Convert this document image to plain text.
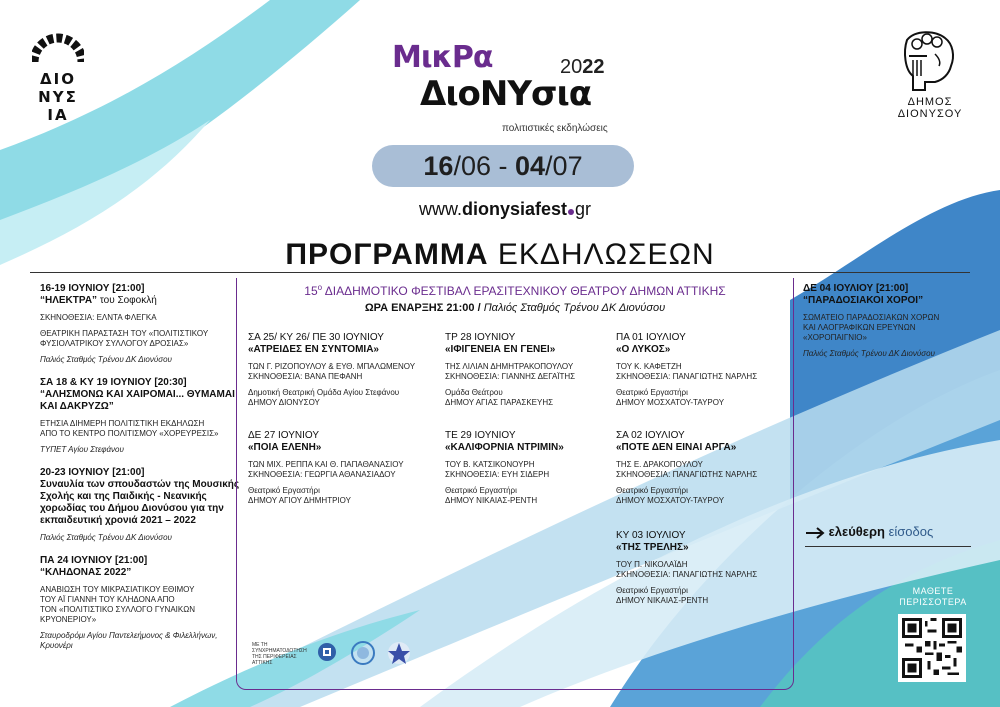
ΔΙΟ
ΝΥΣ
ΙΑ
ΔΗΜΟΣ
ΔΙΟΝΥΣΟΥ
ΜικΡα	2022
ΔιοΝΥσια
πολιτιστικές εκδηλώσεις
16/06 - 04/07
www.dionysiafest gr
ΠΡΟΓΡΑΜΜΑ ΕΚΔΗΛΩΣΕΩΝ
16-19 ΙΟΥΝΙΟΥ [21:00]
“ΗΛΕΚΤΡΑ” του Σοφοκλή
ΣΚΗΝΟΘΕΣΙΑ: ΕΛΝΤΑ ΦΛΕΓΚΑ
ΘΕΑΤΡΙΚΗ ΠΑΡΑΣΤΑΣΗ ΤΟΥ «ΠΟΛΙΤΙΣΤΙΚΟΥ
ΦΥΣΙΟΛΑΤΡΙΚΟΥ ΣΥΛΛΟΓΟΥ ΔΡΟΣΙΑΣ»
Παλιός Σταθμός Τρένου ΔΚ Διονύσου
ΣΑ 18 & ΚΥ 19 ΙΟΥΝΙΟΥ [20:30]
“ΑΛΗΣΜΟΝΩ ΚΑΙ ΧΑΙΡΟΜΑΙ... ΘΥΜΑΜΑΙ ΚΑΙ ΔΑΚΡΥΖΩ”
ΕΤΗΣΙΑ ΔΙΗΜΕΡΗ ΠΟΛΙΤΙΣΤΙΚΗ ΕΚΔΗΛΩΣΗ
ΑΠΟ ΤΟ ΚΕΝΤΡΟ ΠΟΛΙΤΙΣΜΟΥ «ΧΟΡΕΥΡΕΣΙΣ»
ΤΥΠΕΤ Αγίου Στεφάνου
20-23 ΙΟΥΝΙΟΥ [21:00]
Συναυλία των σπουδαστών της Μουσικής Σχολής και της Παιδικής - Νεανικής χορωδίας του Δήμου Διονύσου για την εκπαιδευτική χρονιά 2021 – 2022
Παλιός Σταθμός Τρένου ΔΚ Διονύσου
ΠΑ 24 ΙΟΥΝΙΟΥ [21:00]
“ΚΛΗΔΟΝΑΣ 2022”
ΑΝΑΒΙΩΣΗ ΤΟΥ ΜΙΚΡΑΣΙΑΤΙΚΟΥ ΕΘΙΜΟΥ
ΤΟΥ ΑΪ ΓΙΑΝΝΗ ΤΟΥ ΚΛΗΔΟΝΑ ΑΠΟ
ΤΟΝ «ΠΟΛΙΤΙΣΤΙΚΟ ΣΥΛΛΟΓΟ ΓΥΝΑΙΚΩΝ
ΚΡΥΟΝΕΡΙΟΥ»
Σταυροδρόμι Αγίου Παντελεήμονος & Φιλελλήνων, Κρυονέρι
$15^o$ ΔΙΑΔΗΜΟΤΙΚΟ ΦΕΣΤΙΒΑΛ ΕΡΑΣΙΤΕΧΝΙΚΟΥ ΘΕΑΤΡΟΥ ΔΗΜΩΝ ΑΤΤΙΚΗΣ
ΩΡΑ ΕΝΑΡΞΗΣ 21:00 / Παλιός Σταθμός Τρένου ΔΚ Διονύσου
ΣΑ 25/ ΚΥ 26/ ΠΕ 30 ΙΟΥΝΙΟΥ
«ΑΤΡΕΙΔΕΣ ΕΝ ΣΥΝΤΟΜΙΑ»
ΤΩΝ Γ. ΡΙΖΟΠΟΥΛΟΥ & ΕΥΘ. ΜΠΑΛΩΜΕΝΟΥ
ΣΚΗΝΟΘΕΣΙΑ: ΒΑΝΑ ΠΕΦΑΝΗ
Δημοτική Θεατρική Ομάδα Αγίου Στεφάνου
ΔΗΜΟΥ ΔΙΟΝΥΣΟΥ
ΤΡ 28 ΙΟΥΝΙΟΥ
«ΙΦΙΓΕΝΕΙΑ ΕΝ ΓΕΝΕΙ»
ΤΗΣ ΛΙΛΙΑΝ ΔΗΜΗΤΡΑΚΟΠΟΥΛΟΥ
ΣΚΗΝΟΘΕΣΙΑ: ΓΙΑΝΝΗΣ ΔΕΓΑΪΤΗΣ
Ομάδα Θεάτρου
ΔΗΜΟΥ ΑΓΙΑΣ ΠΑΡΑΣΚΕΥΗΣ
ΠΑ 01 ΙΟΥΛΙΟΥ
«Ο ΛΥΚΟΣ»
ΤΟΥ Κ. ΚΑΦΕΤΖΗ
ΣΚΗΝΟΘΕΣΙΑ: ΠΑΝΑΓΙΩΤΗΣ ΝΑΡΛΗΣ
Θεατρικό Εργαστήρι
ΔΗΜΟΥ ΜΟΣΧΑΤΟΥ-ΤΑΥΡΟΥ
ΔΕ 27 ΙΟΥΝΙΟΥ
«ΠΟΙΑ ΕΛΕΝΗ»
ΤΩΝ ΜΙΧ. ΡΕΠΠΑ ΚΑΙ Θ. ΠΑΠΑΘΑΝΑΣΙΟΥ
ΣΚΗΝΟΘΕΣΙΑ: ΓΕΩΡΓΙΑ ΑΘΑΝΑΣΙΑΔΟΥ
Θεατρικό Εργαστήρι
ΔΗΜΟΥ ΑΓΙΟΥ ΔΗΜΗΤΡΙΟΥ
ΤΕ 29 ΙΟΥΝΙΟΥ
«ΚΑΛΙΦΟΡΝΙΑ ΝΤΡΙΜΙΝ»
ΤΟΥ Β. ΚΑΤΣΙΚΟΝΟΥΡΗ
ΣΚΗΝΟΘΕΣΙΑ: ΕΥΗ ΣΙΔΕΡΗ
Θεατρικό Εργαστήρι
ΔΗΜΟΥ ΝΙΚΑΙΑΣ-ΡΕΝΤΗ
ΣΑ 02 ΙΟΥΛΙΟΥ
«ΠΟΤΕ ΔΕΝ ΕΙΝΑΙ ΑΡΓΑ»
ΤΗΣ Ε. ΔΡΑΚΟΠΟΥΛΟΥ
ΣΚΗΝΟΘΕΣΙΑ: ΠΑΝΑΓΙΩΤΗΣ ΝΑΡΛΗΣ
Θεατρικό Εργαστήρι
ΔΗΜΟΥ ΜΟΣΧΑΤΟΥ-ΤΑΥΡΟΥ
ΚΥ 03 ΙΟΥΛΙΟΥ
«ΤΗΣ ΤΡΕΛΗΣ»
ΤΟΥ Π. ΝΙΚΟΛΑΪΔΗ
ΣΚΗΝΟΘΕΣΙΑ: ΠΑΝΑΓΙΩΤΗΣ ΝΑΡΛΗΣ
Θεατρικό Εργαστήρι
ΔΗΜΟΥ ΝΙΚΑΙΑΣ-ΡΕΝΤΗ
ΜΕ ΤΗ ΣΥΝΧΡΗΜΑΤΟΔΟΤΗΣΗ
ΤΗΣ ΠΕΡΙΦΕΡΕΙΑΣ ΑΤΤΙΚΗΣ
ΔΕ 04 ΙΟΥΛΙΟΥ [21:00]
“ΠΑΡΑΔΟΣΙΑΚΟΙ ΧΟΡΟΙ”
ΣΩΜΑΤΕΙΟ ΠΑΡΑΔΟΣΙΑΚΩΝ ΧΟΡΩΝ
ΚΑΙ ΛΑΟΓΡΑΦΙΚΩΝ ΕΡΕΥΝΩΝ
«ΧΟΡΟΠΑΙΓΝΙΟ»
Παλιός Σταθμός Τρένου ΔΚ Διονύσου
ελεύθερη είσοδος
ΜΑΘΕΤΕ
ΠΕΡΙΣΣΟΤΕΡΑ
